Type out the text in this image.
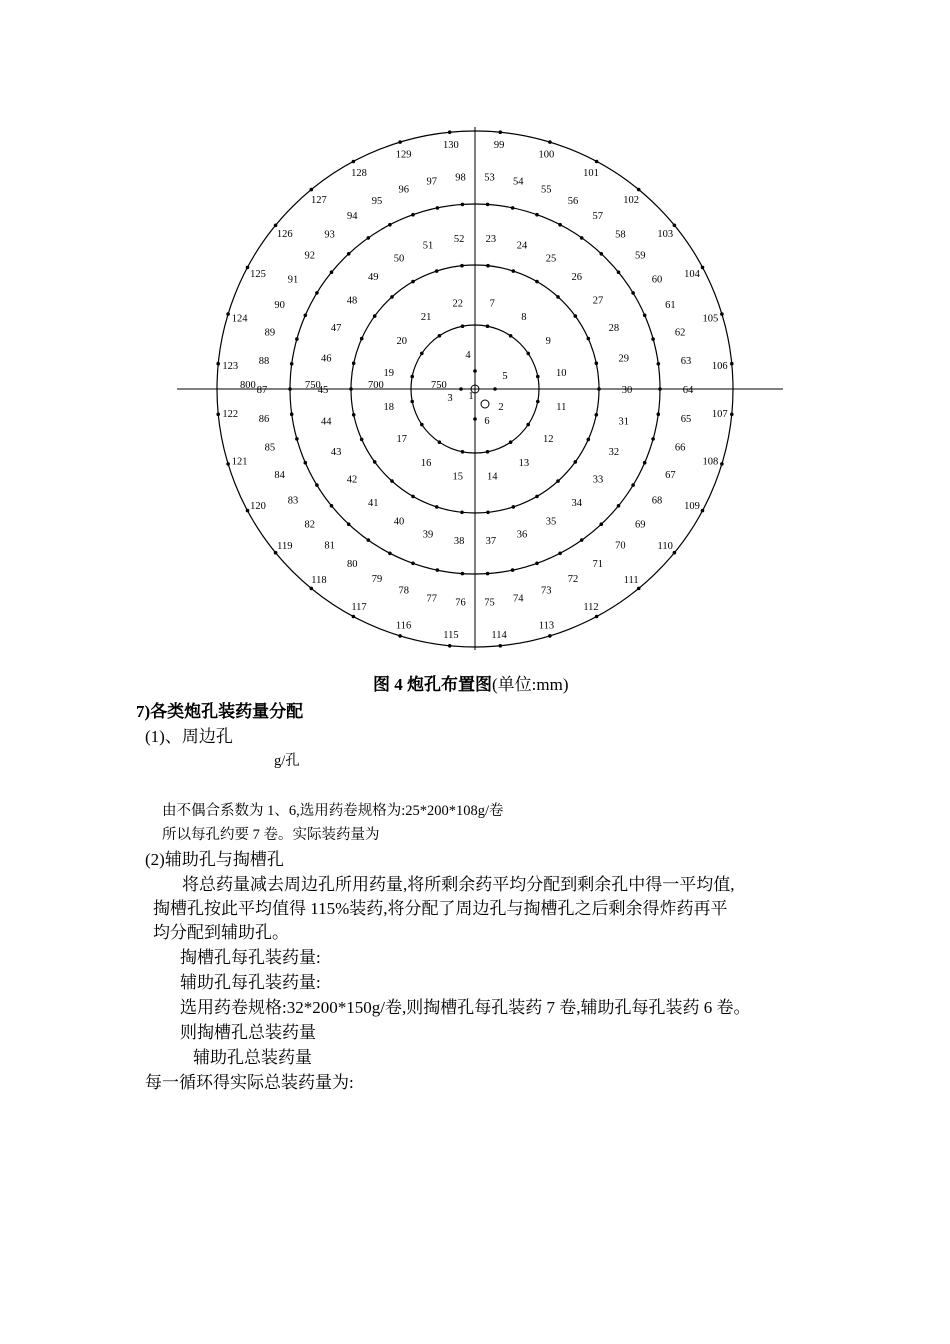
7
8
9
10
11
12
13
14
15
16
17
18
19
20
21
22
23
24
25
26
27
28
29
30
31
32
33
34
35
36
37
38
39
40
41
42
43
44
45
46
47
48
49
50
51
52
53 54
55
56
57
58
59
60
61
62
63
64
65
66
67
68
69
70
71
72
73
74
75
76
77
78
79
80
81
82
83
84
85
86
87
88
89
90
91
92
93
94
95
96
97 98
99
100
101
102
103
104
105
106
107
108
109
110
111
112
113
114
115
116
117
118
119
120
121
122
123
124
125
126
127
128
129
130
1
2
3
4
5
6
800	750	700	750
图 4 炮孔布置图(单位:mm)
7)各类炮孔装药量分配
(1)、周边孔
g/孔
由不偶合系数为 1、6,选用药卷规格为:25*200*108g/卷
所以每孔约要 7 卷。实际装药量为
(2)辅助孔与掏槽孔
将总药量减去周边孔所用药量,将所剩余药平均分配到剩余孔中得一平均值,
掏槽孔按此平均值得 115%装药,将分配了周边孔与掏槽孔之后剩余得炸药再平
均分配到辅助孔。
掏槽孔每孔装药量:
辅助孔每孔装药量:
选用药卷规格:32*200*150g/卷,则掏槽孔每孔装药 7 卷,辅助孔每孔装药 6 卷。
则掏槽孔总装药量
辅助孔总装药量
每一循环得实际总装药量为:
